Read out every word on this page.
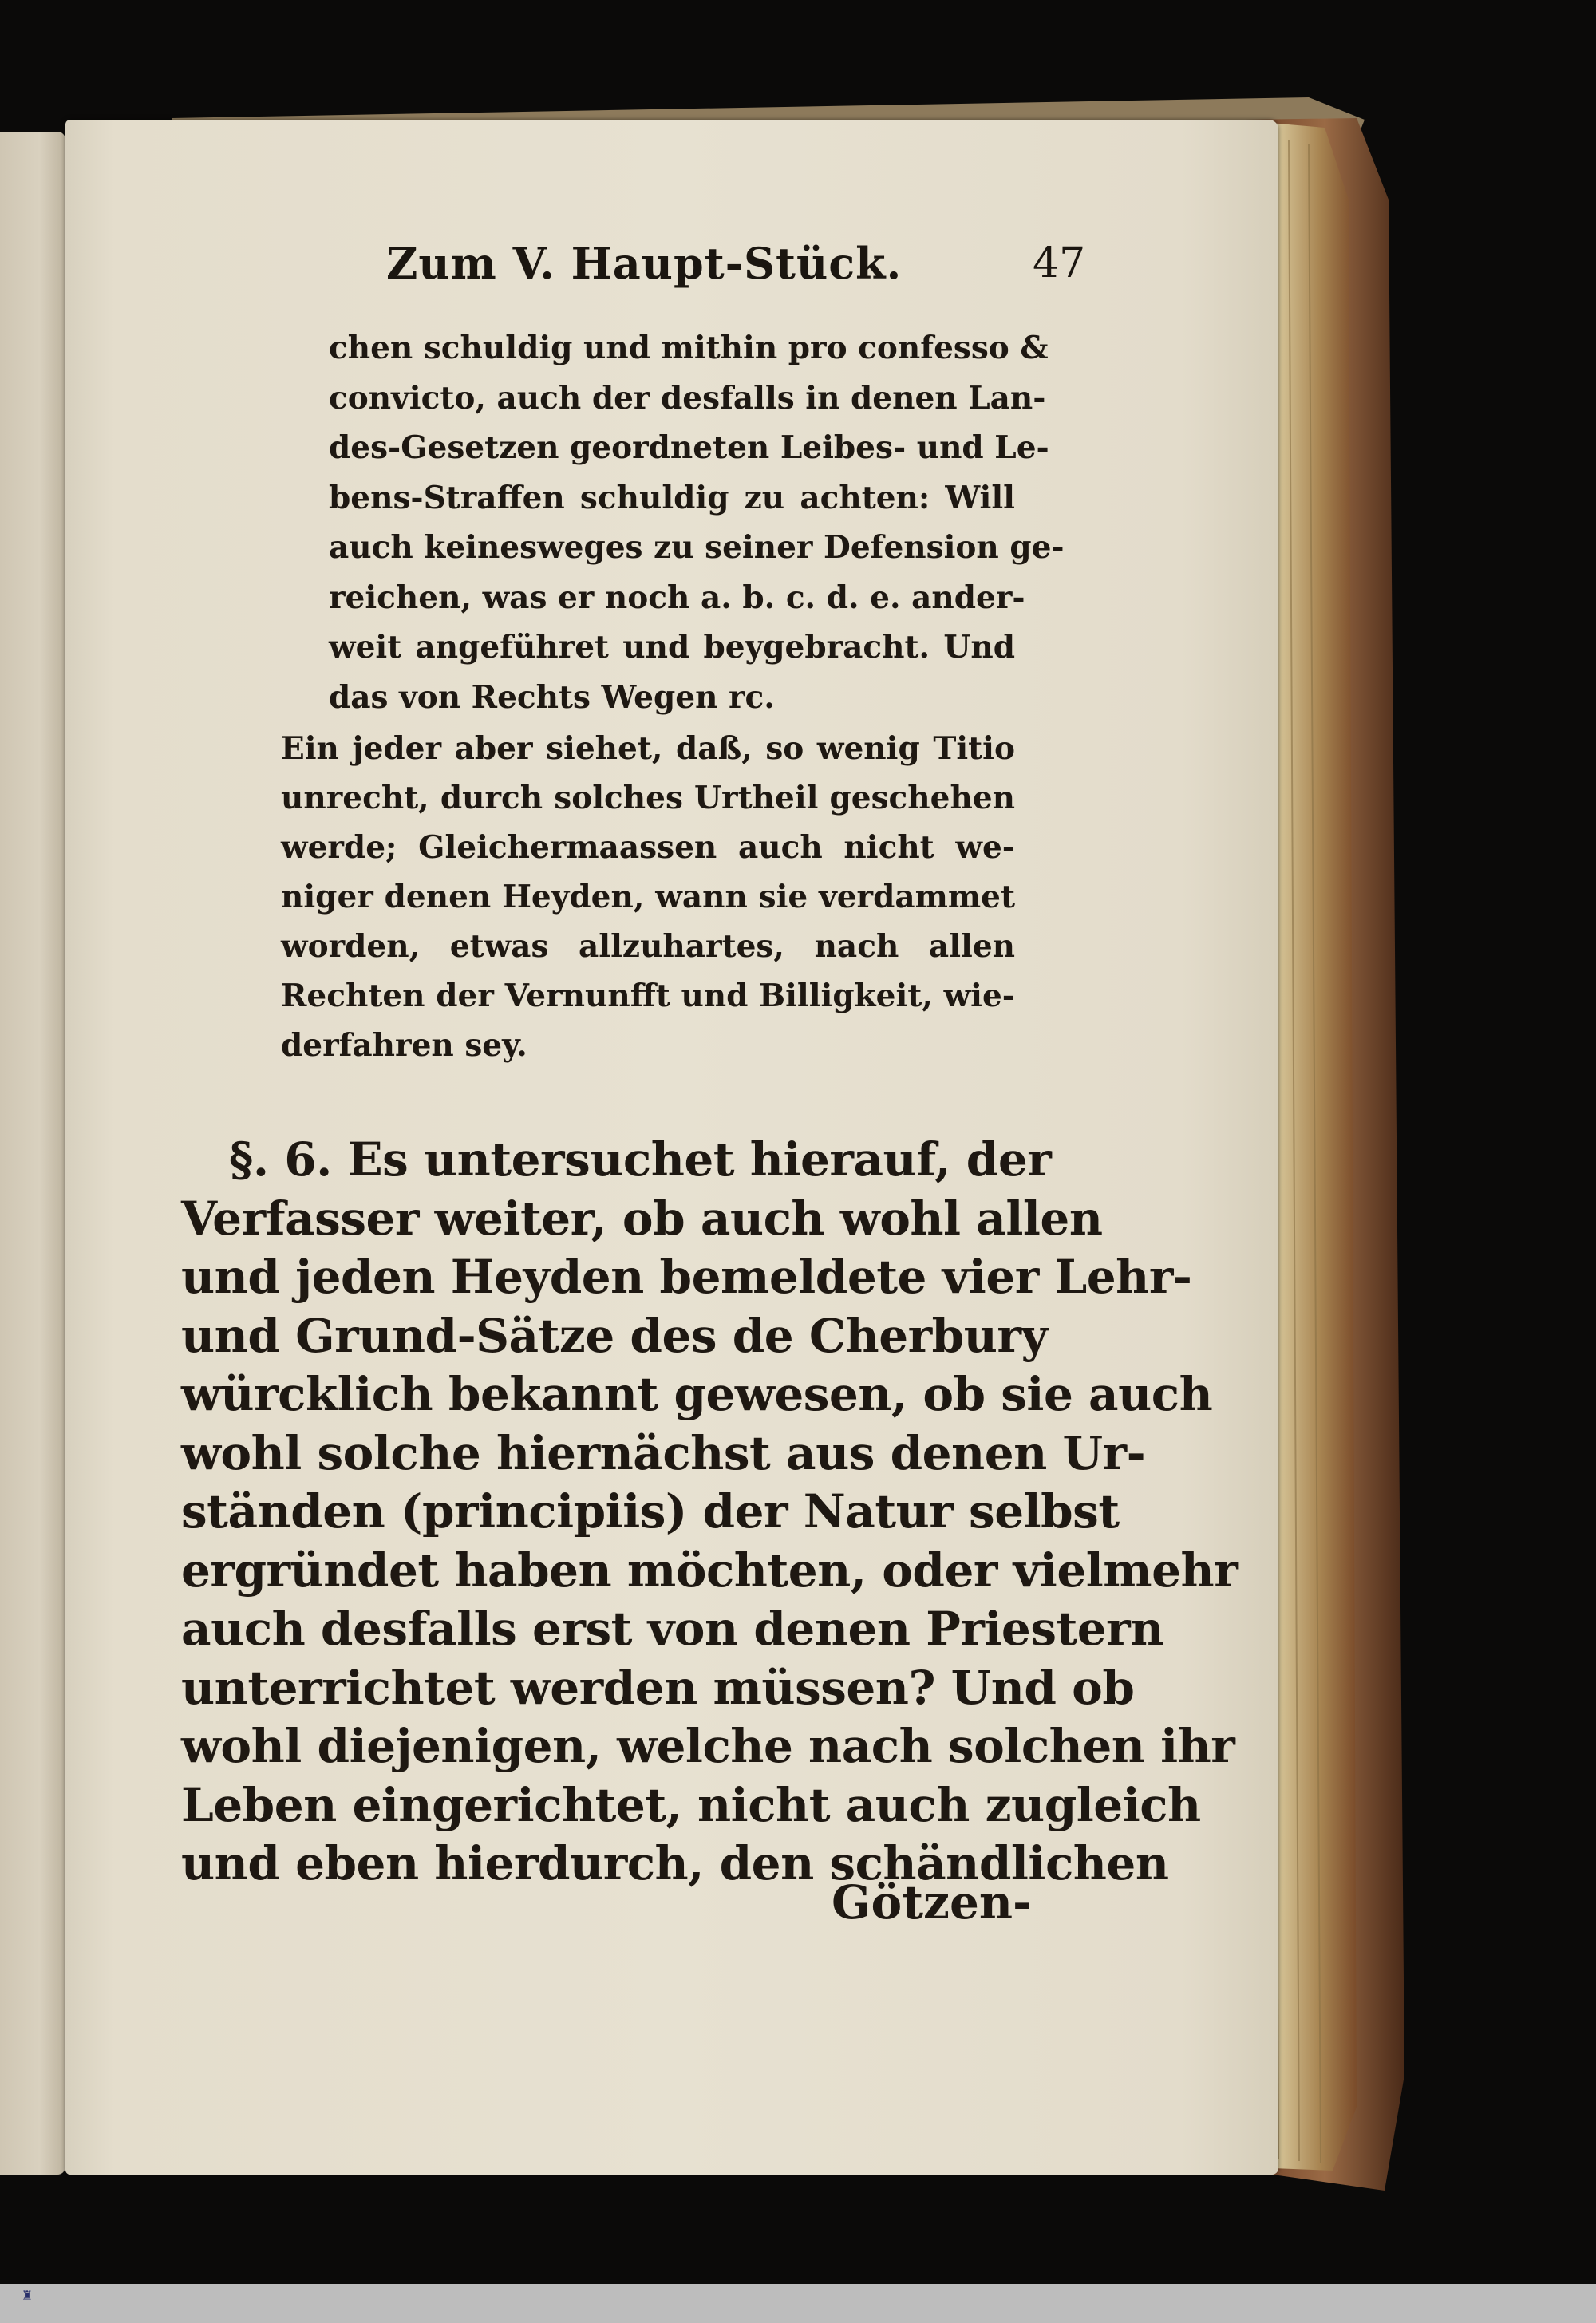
Zum V. Haupt-Stück.	47
chen schuldig und mithin pro confesso &
convicto, auch der desfalls in denen Lan-
des-Gesetzen geordneten Leibes- und Le-
bens-Straffen schuldig zu achten: Will
auch keinesweges zu seiner Defension ge-
reichen, was er noch a. b. c. d. e. ander-
weit angeführet und beygebracht. Und
das von Rechts Wegen rc.
Ein jeder aber siehet, daß, so wenig Titio
unrecht, durch solches Urtheil geschehen
werde; Gleichermaassen auch nicht we-
niger denen Heyden, wann sie verdammet
worden, etwas allzuhartes, nach allen
Rechten der Vernunfft und Billigkeit, wie-
derfahren sey.
§. 6. Es untersuchet hierauf, der
Verfasser weiter, ob auch wohl allen
und jeden Heyden bemeldete vier Lehr-
und Grund-Sätze des de Cherbury
würcklich bekannt gewesen, ob sie auch
wohl solche hiernächst aus denen Ur-
ständen (principiis) der Natur selbst
ergründet haben möchten, oder vielmehr
auch desfalls erst von denen Priestern
unterrichtet werden müssen? Und ob
wohl diejenigen, welche nach solchen ihr
Leben eingerichtet, nicht auch zugleich
und eben hierdurch, den schändlichen
Götzen-
♜
